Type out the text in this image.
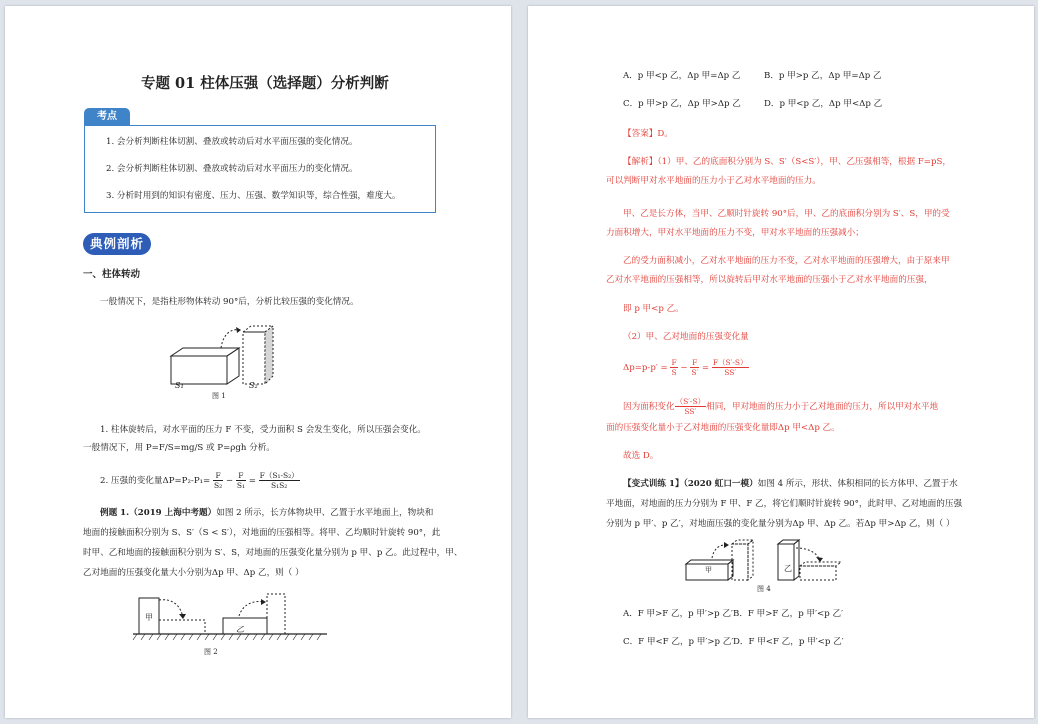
专题 01 柱体压强（选择题）分析判断
考点
1. 会分析判断柱体切割、叠放或转动后对水平面压强的变化情况。
2. 会分析判断柱体切割、叠放或转动后对水平面压力的变化情况。
3. 分析时用到的知识有密度、压力、压强、数学知识等，综合性强，难度大。
典例剖析
一、柱体转动
一般情况下，是指柱形物体转动 90°后，分析比较压强的变化情况。
S₁	S₂
图 1
1. 柱体旋转后，对水平面的压力 F 不变，受力面积 S 会发生变化，所以压强会变化。
一般情况下，用 P=F/S=mg/S 或 P=ρgh 分析。
2. 压强的变化量$\Delta P=P_2-P_1= \frac{F}{\text{S₂}} - \frac{F}{\text{S₁}} = \frac{\text{F（S₁-S₂）}}{\text{S₁S₂}}$
例题 1.（2019 上海中考题）如图 2 所示，长方体物块甲、乙置于水平地面上，物块和
地面的接触面积分别为 S、S′（S < S′），对地面的压强相等。将甲、乙均顺时针旋转 90°，此
时甲、乙和地面的接触面积分别为 S′、S，对地面的压强变化量分别为 p 甲、p 乙。此过程中，甲、
乙对地面的压强变化量大小分别为Δp 甲、Δp 乙，则（ ）
甲
乙
图 2
A．p 甲<p 乙，Δp 甲=Δp 乙	B．p 甲>p 乙，Δp 甲=Δp 乙
C．p 甲>p 乙，Δp 甲>Δp 乙	D．p 甲<p 乙，Δp 甲<Δp 乙
【答案】D。
【解析】（1）甲、乙的底面积分别为 S、S′（S<S′），甲、乙压强相等，根据 F=pS，
可以判断甲对水平地面的压力小于乙对水平地面的压力。
甲、乙是长方体，当甲、乙顺时针旋转 90°后，甲、乙的底面积分别为 S′、S，甲的受
力面积增大，甲对水平地面的压力不变，甲对水平地面的压强减小；
乙的受力面积减小，乙对水平地面的压力不变，乙对水平地面的压强增大，由于原来甲
乙对水平地面的压强相等，所以旋转后甲对水平地面的压强小于乙对水平地面的压强，
即 p 甲<p 乙。
（2）甲、乙对地面的压强变化量
$\Delta p=p-p' = \frac{F}{S} - \frac{F}{S'} = \frac{F(S'-S)}{SS'}$
因为面积变化 $\frac{(S'-S)}{SS'}$ 相同，甲对地面的压力小于乙对地面的压力，所以甲对水平地
面的压强变化量小于乙对地面的压强变化量即Δp 甲<Δp 乙。
故选 D。
【变式训练 1】（2020 虹口一模）如图 4 所示，形状、体积相同的长方体甲、乙置于水
平地面，对地面的压力分别为 F 甲、F 乙，将它们顺时针旋转 90°，此时甲、乙对地面的压强
分别为 p 甲′、p 乙′，对地面压强的变化量分别为Δp 甲、Δp 乙。若Δp 甲>Δp 乙，则（ ）
甲	乙
图 4
A．F 甲>F 乙，p 甲′>p 乙′ B．F 甲>F 乙，p 甲′<p 乙′
C．F 甲<F 乙，p 甲′>p 乙′ D．F 甲<F 乙，p 甲′<p 乙′
